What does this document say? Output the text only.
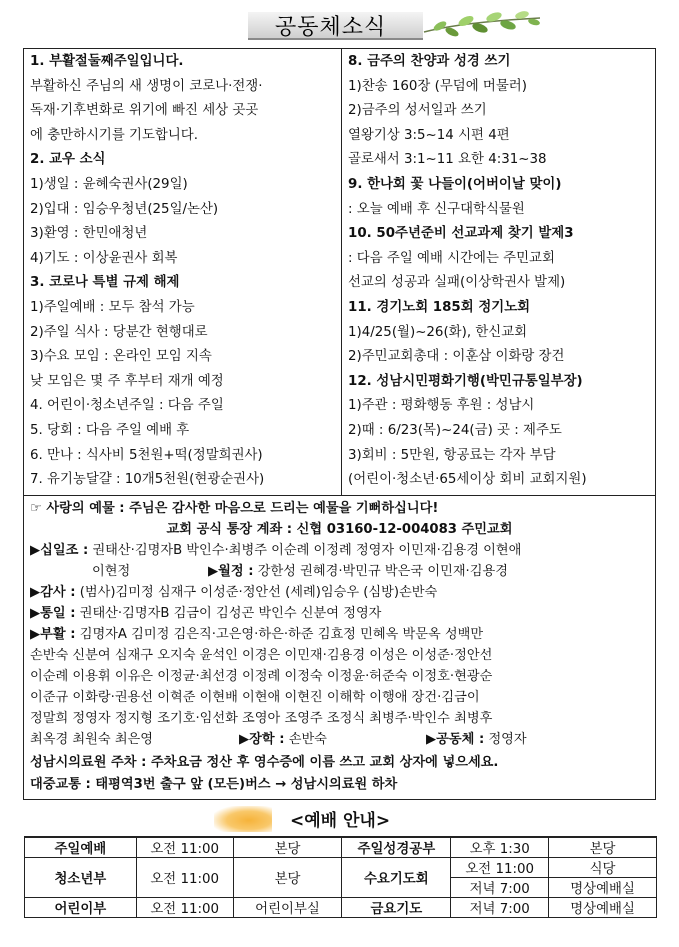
공동체소식
1. 부활절둘째주일입니다.
부활하신 주님의 새 생명이 코로나·전쟁·
독재·기후변화로 위기에 빠진 세상 곳곳
에 충만하시기를 기도합니다.
2. 교우 소식
1)생일 : 윤혜숙권사(29일)
2)입대 : 임승우청년(25일/논산)
3)환영 : 한민애청년
4)기도 : 이상윤권사 회복
3. 코로나 특별 규제 해제
1)주일예배 : 모두 참석 가능
2)주일 식사 : 당분간 현행대로
3)수요 모임 : 온라인 모임 지속
낮 모임은 몇 주 후부터 재개 예정
4. 어린이·청소년주일 : 다음 주일
5. 당회 : 다음 주일 예배 후
6. 만나 : 식사비 5천원+떡(정말희권사)
7. 유기농달걀 : 10개5천원(현광순권사)
8. 금주의 찬양과 성경 쓰기
1)찬송 160장 (무덤에 머물러)
2)금주의 성서일과 쓰기
열왕기상 3:5~14 시편 4편
골로새서 3:1~11 요한 4:31~38
9. 한나회 꽃 나들이(어버이날 맞이)
: 오늘 예배 후 신구대학식물원
10. 50주년준비 선교과제 찾기 발제3
: 다음 주일 예배 시간에는 주민교회
선교의 성공과 실패(이상학권사 발제)
11. 경기노회 185회 정기노회
1)4/25(월)~26(화), 한신교회
2)주민교회총대 : 이훈삼 이화랑 장건
12. 성남시민평화기행(박민규통일부장)
1)주관 : 평화행동 후원 : 성남시
2)때 : 6/23(목)~24(금) 곳 : 제주도
3)회비 : 5만원, 항공료는 각자 부담
(어린이·청소년·65세이상 회비 교회지원)
☞ 사랑의 예물 : 주님은 감사한 마음으로 드리는 예물을 기뻐하십니다!
교회 공식 통장 계좌 : 신협 03160-12-004083 주민교회
▶십일조 : 권태산·김명자B 박인수·최병주 이순례 이정례 정영자 이민재·김용경 이현애
이현정	▶월정 : 강한성 권혜경·박민규 박은국 이민재·김용경
▶감사 : (범사)김미정 심재구 이성준·정안선 (세례)임승우 (심방)손반숙
▶통일 : 권태산·김명자B 김금이 김성곤 박인수 신분여 정영자
▶부활 : 김명자A 김미정 김은직·고은영·하은·하준 김효정 민혜옥 박문옥 성백만
손반숙 신분여 심재구 오지숙 윤석인 이경은 이민재·김용경 이성은 이성준·정안선
이순례 이용휘 이유은 이정균·최선경 이정례 이정숙 이정윤·허준숙 이정호·현광순
이준규 이화랑·권용선 이혁준 이현배 이현애 이현진 이해학 이행애 장건·김금이
정말희 정영자 정지형 조기호·임선화 조영아 조영주 조정식 최병주·박인수 최병후
최옥경 최원숙 최은영	▶장학 : 손반숙	▶공동체 : 정영자
성남시의료원 주차 : 주차요금 정산 후 영수증에 이름 쓰고 교회 상자에 넣으세요.
대중교통 : 태평역3번 출구 앞 (모든)버스 → 성남시의료원 하차
<예배 안내>
주일예배	오전 11:00	본당	주일성경공부	오후 1:30	본당
청소년부	오전 11:00	본당	수요기도회	오전 11:00	식당
				저녁 7:00	명상예배실
어린이부	오전 11:00	어린이부실	금요기도	저녁 7:00	명상예배실
